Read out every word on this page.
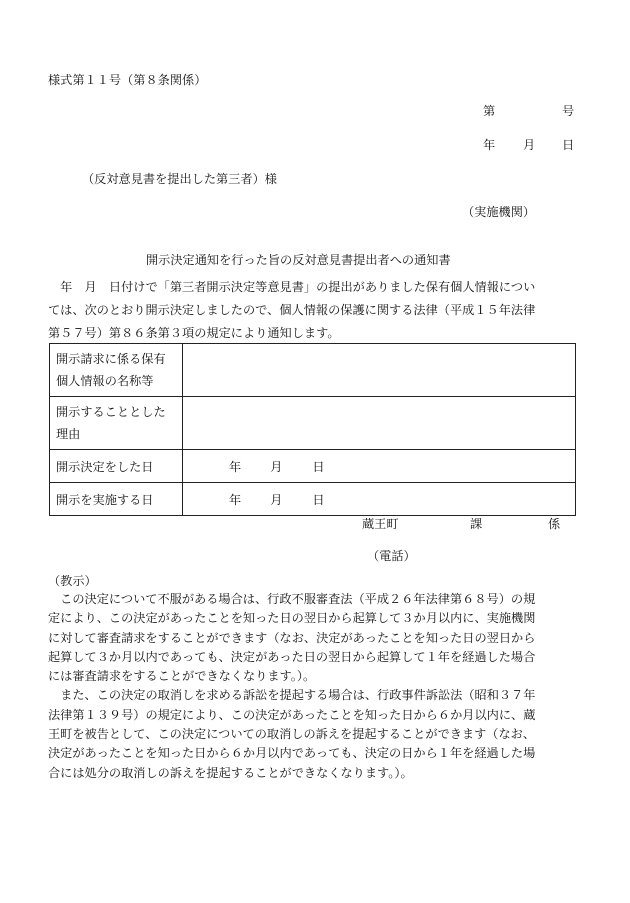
様式第１１号（第８条関係）
第	号
年 月 日
（反対意見書を提出した第三者）様
（実施機関）
開示決定通知を行った旨の反対意見書提出者への通知書
　年　月　日付けで「第三者開示決定等意見書」の提出がありました保有個人情報につい
ては、次のとおり開示決定しましたので、個人情報の保護に関する法律（平成１５年法律
第５７号）第８６条第３項の規定により通知します。
開示請求に係る保有
個人情報の名称等	

開示することとした
理由	

開示決定をした日	年 月 日
開示を実施する日	年 月 日
蔵王町	課	係
（電話）
（教示）
　この決定について不服がある場合は、行政不服審査法（平成２６年法律第６８号）の規
定により、この決定があったことを知った日の翌日から起算して３か月以内に、実施機関
に対して審査請求をすることができます（なお、決定があったことを知った日の翌日から
起算して３か月以内であっても、決定があった日の翌日から起算して１年を経過した場合
には審査請求をすることができなくなります。）。
　また、この決定の取消しを求める訴訟を提起する場合は、行政事件訴訟法（昭和３７年
法律第１３９号）の規定により、この決定があったことを知った日から６か月以内に、蔵
王町を被告として、この決定についての取消しの訴えを提起することができます（なお、
決定があったことを知った日から６か月以内であっても、決定の日から１年を経過した場
合には処分の取消しの訴えを提起することができなくなります。）。
